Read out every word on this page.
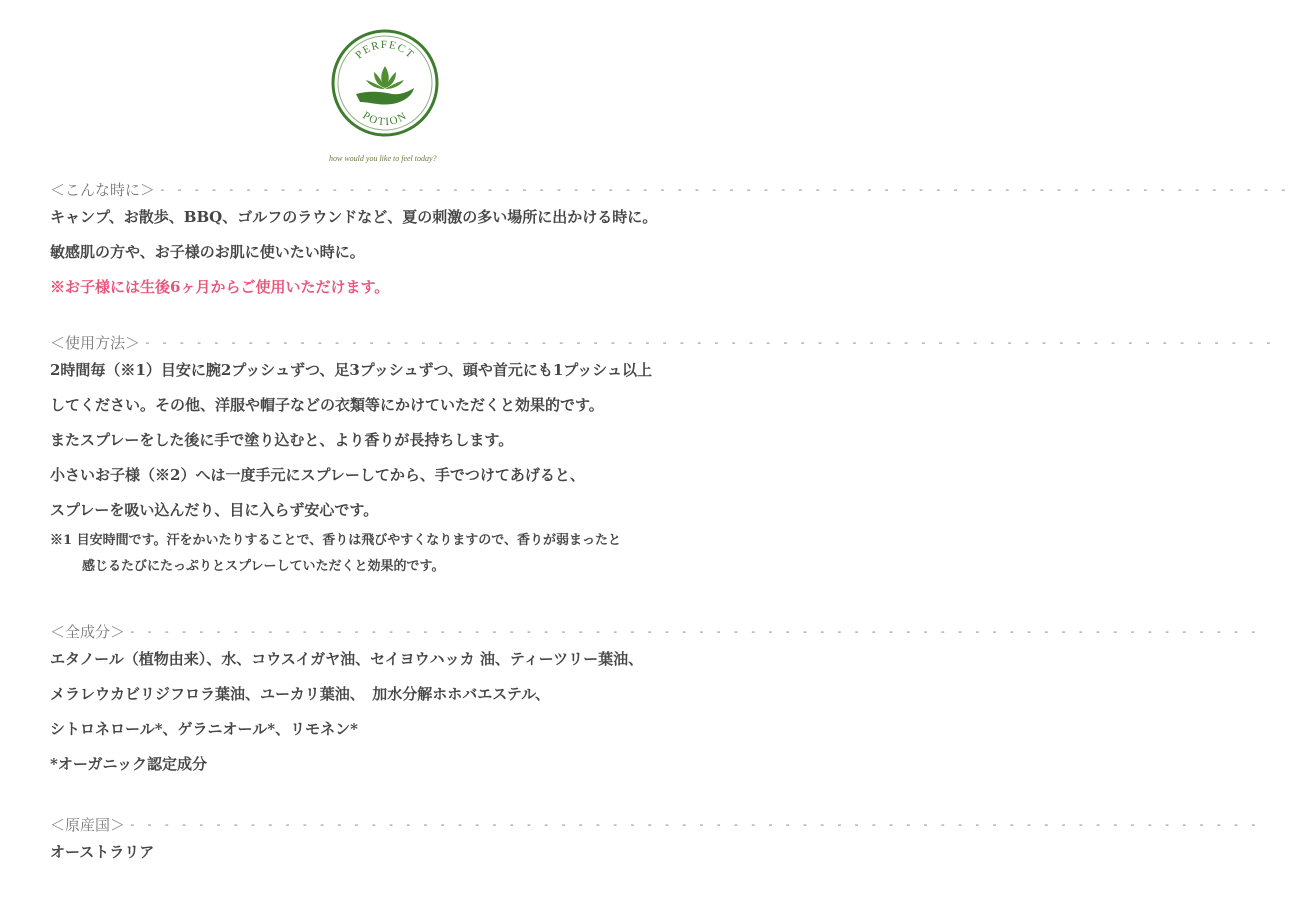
PERFECT
POTION
how would you like to feel today?
＜こんな時に＞ - - - - - - - - - - - - - - - - - - - - - - - - - - - - - - - - - - - - - - - - - - - - - - - - - - - - - - - - - - - - - - - - - -
キャンプ、お散歩、BBQ、ゴルフのラウンドなど、夏の刺激の多い場所に出かける時に。
敏感肌の方や、お子様のお肌に使いたい時に。
※お子様には生後6ヶ月からご使用いただけます。
＜使用方法＞ - - - - - - - - - - - - - - - - - - - - - - - - - - - - - - - - - - - - - - - - - - - - - - - - - - - - - - - - - - - - - - - - - -
2時間毎（※1）目安に腕2プッシュずつ、足3プッシュずつ、頭や首元にも1プッシュ以上
してください。その他、洋服や帽子などの衣類等にかけていただくと効果的です。
またスプレーをした後に手で塗り込むと、より香りが長持ちします。
小さいお子様（※2）へは一度手元にスプレーしてから、手でつけてあげると、
スプレーを吸い込んだり、目に入らず安心です。
※1 目安時間です。汗をかいたりすることで、香りは飛びやすくなりますので、香りが弱まったと
感じるたびにたっぷりとスプレーしていただくと効果的です。
＜全成分＞ - - - - - - - - - - - - - - - - - - - - - - - - - - - - - - - - - - - - - - - - - - - - - - - - - - - - - - - - - - - - - - - - - -
エタノール（植物由来）、水、コウスイガヤ油、セイヨウハッカ 油、ティーツリー葉油、
メラレウカビリジフロラ葉油、ユーカリ葉油、　加水分解ホホバエステル、
シトロネロール*、ゲラニオール*、リモネン*
*オーガニック認定成分
＜原産国＞ - - - - - - - - - - - - - - - - - - - - - - - - - - - - - - - - - - - - - - - - - - - - - - - - - - - - - - - - - - - - - - - - - -
オーストラリア
